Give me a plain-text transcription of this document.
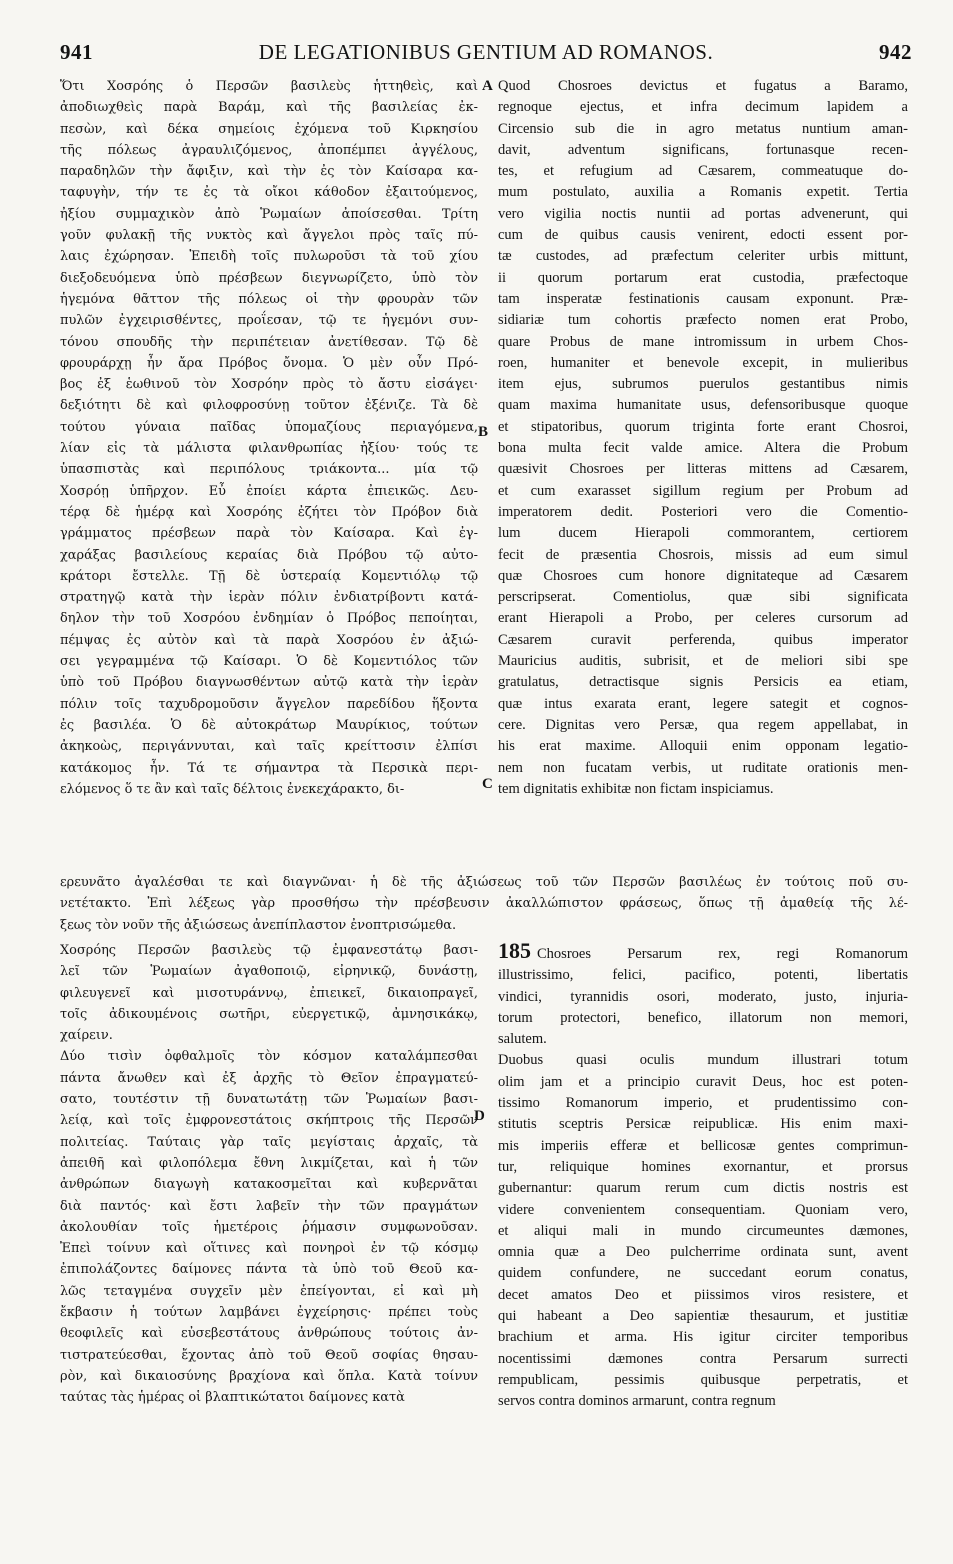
941	DE LEGATIONIBUS GENTIUM AD ROMANOS.	942
A
B
C
D
Ὅτι Χοσρόης ὁ Περσῶν βασιλεὺς ἡττηθεὶς, καὶ
ἀποδιωχθεὶς παρὰ Βαράμ, καὶ τῆς βασιλείας ἐκ-
πεσὼν, καὶ δέκα σημείοις ἐχόμενα τοῦ Κιρκησίου
τῆς πόλεως ἀγραυλιζόμενος, ἀποπέμπει ἀγγέλους,
παραδηλῶν τὴν ἄφιξιν, καὶ τὴν ἐς τὸν Καίσαρα κα-
ταφυγὴν, τήν τε ἐς τὰ οἴκοι κάθοδον ἐξαιτούμενος,
ἠξίου συμμαχικὸν ἀπὸ Ῥωμαίων ἀποίσεσθαι. Τρίτη
γοῦν φυλακῇ τῆς νυκτὸς καὶ ἄγγελοι πρὸς ταῖς πύ-
λαις ἐχώρησαν. Ἐπειδὴ τοῖς πυλωροῦσι τὰ τοῦ χίου
διεξοδευόμενα ὑπὸ πρέσβεων διεγνωρίζετο, ὑπὸ τὸν
ἡγεμόνα θᾶττον τῆς πόλεως οἱ τὴν φρουρὰν τῶν
πυλῶν ἐγχειρισθέντες, προΐεσαν, τῷ τε ἡγεμόνι συν-
τόνου σπουδῆς τὴν περιπέτειαν ἀνετίθεσαν. Τῷ δὲ
φρουράρχῃ ἦν ἄρα Πρόβος ὄνομα. Ὁ μὲν οὖν Πρό-
βος ἐξ ἑωθινοῦ τὸν Χοσρόην πρὸς τὸ ἄστυ εἰσάγει·
δεξιότητι δὲ καὶ φιλοφροσύνῃ τοῦτον ἐξένιζε. Τὰ δὲ
τούτου γύναια παῖδας ὑπομαζίους περιαγόμενα,
λίαν εἰς τὰ μάλιστα φιλανθρωπίας ἠξίου· τούς τε
ὑπασπιστὰς καὶ περιπόλους τριάκοντα... μία τῷ
Χοσρόῃ ὑπῆρχον. Εὖ ἐποίει κάρτα ἐπιεικῶς. Δευ-
τέρᾳ δὲ ἡμέρᾳ καὶ Χοσρόης ἐζήτει τὸν Πρόβον διὰ
γράμματος πρέσβεων παρὰ τὸν Καίσαρα. Καὶ ἐγ-
χαράξας βασιλείους κεραίας διὰ Πρόβου τῷ αὐτο-
κράτορι ἔστελλε. Τῇ δὲ ὑστεραίᾳ Κομεντιόλῳ τῷ
στρατηγῷ κατὰ τὴν ἱερὰν πόλιν ἐνδιατρίβοντι κατά-
δηλον τὴν τοῦ Χοσρόου ἐνδημίαν ὁ Πρόβος πεποίηται,
πέμψας ἐς αὐτὸν καὶ τὰ παρὰ Χοσρόου ἐν ἀξιώ-
σει γεγραμμένα τῷ Καίσαρι. Ὁ δὲ Κομεντιόλος τῶν
ὑπὸ τοῦ Πρόβου διαγνωσθέντων αὐτῷ κατὰ τὴν ἱερὰν
πόλιν τοῖς ταχυδρομοῦσιν ἄγγελον παρεδίδου ἥξοντα
ἐς βασιλέα. Ὁ δὲ αὐτοκράτωρ Μαυρίκιος, τούτων
ἀκηκοὼς, περιγάννυται, καὶ ταῖς κρείττοσιν ἐλπίσι
κατάκομος ἦν. Τά τε σήμαντρα τὰ Περσικὰ περι-
ελόμενος ὅ τε ἂν καὶ ταῖς δέλτοις ἐνεκεχάρακτο, δι-
Quod Chosroes devictus et fugatus a Baramo,
regnoque ejectus, et infra decimum lapidem a
Circensio sub die in agro metatus nuntium aman-
davit, adventum significans, fortunasque recen-
tes, et refugium ad Cæsarem, commeatuque do-
mum postulato, auxilia a Romanis expetit. Tertia
vero vigilia noctis nuntii ad portas advenerunt, qui
cum de quibus causis venirent, edocti essent por-
tæ custodes, ad præfectum celeriter urbis mittunt,
ii quorum portarum erat custodia, præfectoque
tam insperatæ festinationis causam exponunt. Præ-
sidiariæ tum cohortis præfecto nomen erat Probo,
quare Probus de mane intromissum in urbem Chos-
roen, humaniter et benevole excepit, in mulieribus
item ejus, subrumos puerulos gestantibus nimis
quam maxima humanitate usus, defensoribusque quoque
et stipatoribus, quorum triginta forte erant Chosroi,
bona multa fecit valde amice. Altera die Probum
quæsivit Chosroes per litteras mittens ad Cæsarem,
et cum exarasset sigillum regium per Probum ad
imperatorem dedit. Posteriori vero die Comentio-
lum ducem Hierapoli commorantem, certiorem
fecit de præsentia Chosrois, missis ad eum simul
quæ Chosroes cum honore dignitateque ad Cæsarem
perscripserat. Comentiolus, quæ sibi significata
erant Hierapoli a Probo, per celeres cursorum ad
Cæsarem curavit perferenda, quibus imperator
Mauricius auditis, subrisit, et de meliori sibi spe
gratulatus, detractisque signis Persicis ea etiam,
quæ intus exarata erant, legere sategit et cognos-
cere. Dignitas vero Persæ, qua regem appellabat, in
his erat maxime. Alloquii enim opponam legatio-
nem non fucatam verbis, ut ruditate orationis men-
tem dignitatis exhibitæ non fictam inspiciamus.
ερευνᾶτο ἀγαλέσθαι τε καὶ διαγνῶναι· ἡ δὲ τῆς ἀξιώσεως τοῦ τῶν Περσῶν βασιλέως ἐν τούτοις ποῦ συ-
νετέτακτο. Ἐπὶ λέξεως γὰρ προσθήσω τὴν πρέσβευσιν ἀκαλλώπιστον φράσεως, ὅπως τῇ ἀμαθείᾳ τῆς λέ-
ξεως τὸν νοῦν τῆς ἀξιώσεως ἀνεπίπλαστον ἐνοπτρισώμεθα.
Χοσρόης Περσῶν βασιλεὺς τῷ ἐμφανεστάτῳ βασι-
λεῖ τῶν Ῥωμαίων ἀγαθοποιῷ, εἰρηνικῷ, δυνάστῃ,
φιλευγενεῖ καὶ μισοτυράννῳ, ἐπιεικεῖ, δικαιοπραγεῖ,
τοῖς ἀδικουμένοις σωτῆρι, εὐεργετικῷ, ἀμνησικάκῳ,
χαίρειν.
Δύο τισὶν ὀφθαλμοῖς τὸν κόσμον καταλάμπεσθαι
πάντα ἄνωθεν καὶ ἐξ ἀρχῆς τὸ Θεῖον ἐπραγματεύ-
σατο, τουτέστιν τῇ δυνατωτάτῃ τῶν Ῥωμαίων βασι-
λείᾳ, καὶ τοῖς ἐμφρονεστάτοις σκήπτροις τῆς Περσῶν
πολιτείας. Ταύταις γὰρ ταῖς μεγίσταις ἀρχαῖς, τὰ
ἀπειθῆ καὶ φιλοπόλεμα ἔθνη λικμίζεται, καὶ ἡ τῶν
ἀνθρώπων διαγωγὴ κατακοσμεῖται καὶ κυβερνᾶται
διὰ παντός· καὶ ἔστι λαβεῖν τὴν τῶν πραγμάτων
ἀκολουθίαν τοῖς ἡμετέροις ῥήμασιν συμφωνοῦσαν.
Ἐπεὶ τοίνυν καὶ οἵτινες καὶ πονηροὶ ἐν τῷ κόσμῳ
ἐπιπολάζοντες δαίμονες πάντα τὰ ὑπὸ τοῦ Θεοῦ κα-
λῶς τεταγμένα συγχεῖν μὲν ἐπείγονται, εἰ καὶ μὴ
ἔκβασιν ἡ τούτων λαμβάνει ἐγχείρησις· πρέπει τοὺς
θεοφιλεῖς καὶ εὐσεβεστάτους ἀνθρώπους τούτοις ἀν-
τιστρατεύεσθαι, ἔχοντας ἀπὸ τοῦ Θεοῦ σοφίας θησαυ-
ρὸν, καὶ δικαιοσύνης βραχίονα καὶ ὅπλα. Κατὰ τοίνυν
ταύτας τὰς ἡμέρας οἱ βλαπτικώτατοι δαίμονες κατὰ
185 Chosroes Persarum rex, regi Romanorum
illustrissimo, felici, pacifico, potenti, libertatis
vindici, tyrannidis osori, moderato, justo, injuria-
torum protectori, benefico, illatorum non memori,
salutem.
Duobus quasi oculis mundum illustrari totum
olim jam et a principio curavit Deus, hoc est poten-
tissimo Romanorum imperio, et prudentissimo con-
stitutis sceptris Persicæ reipublicæ. His enim maxi-
mis imperiis efferæ et bellicosæ gentes comprimun-
tur, reliquique homines exornantur, et prorsus
gubernantur: quarum rerum cum dictis nostris est
videre convenientem consequentiam. Quoniam vero,
et aliqui mali in mundo circumeuntes dæmones,
omnia quæ a Deo pulcherrime ordinata sunt, avent
quidem confundere, ne succedant eorum conatus,
decet amatos Deo et piissimos viros resistere, et
qui habeant a Deo sapientiæ thesaurum, et justitiæ
brachium et arma. His igitur circiter temporibus
nocentissimi dæmones contra Persarum surrecti
rempublicam, pessimis quibusque perpetratis, et
servos contra dominos armarunt, contra regnum
